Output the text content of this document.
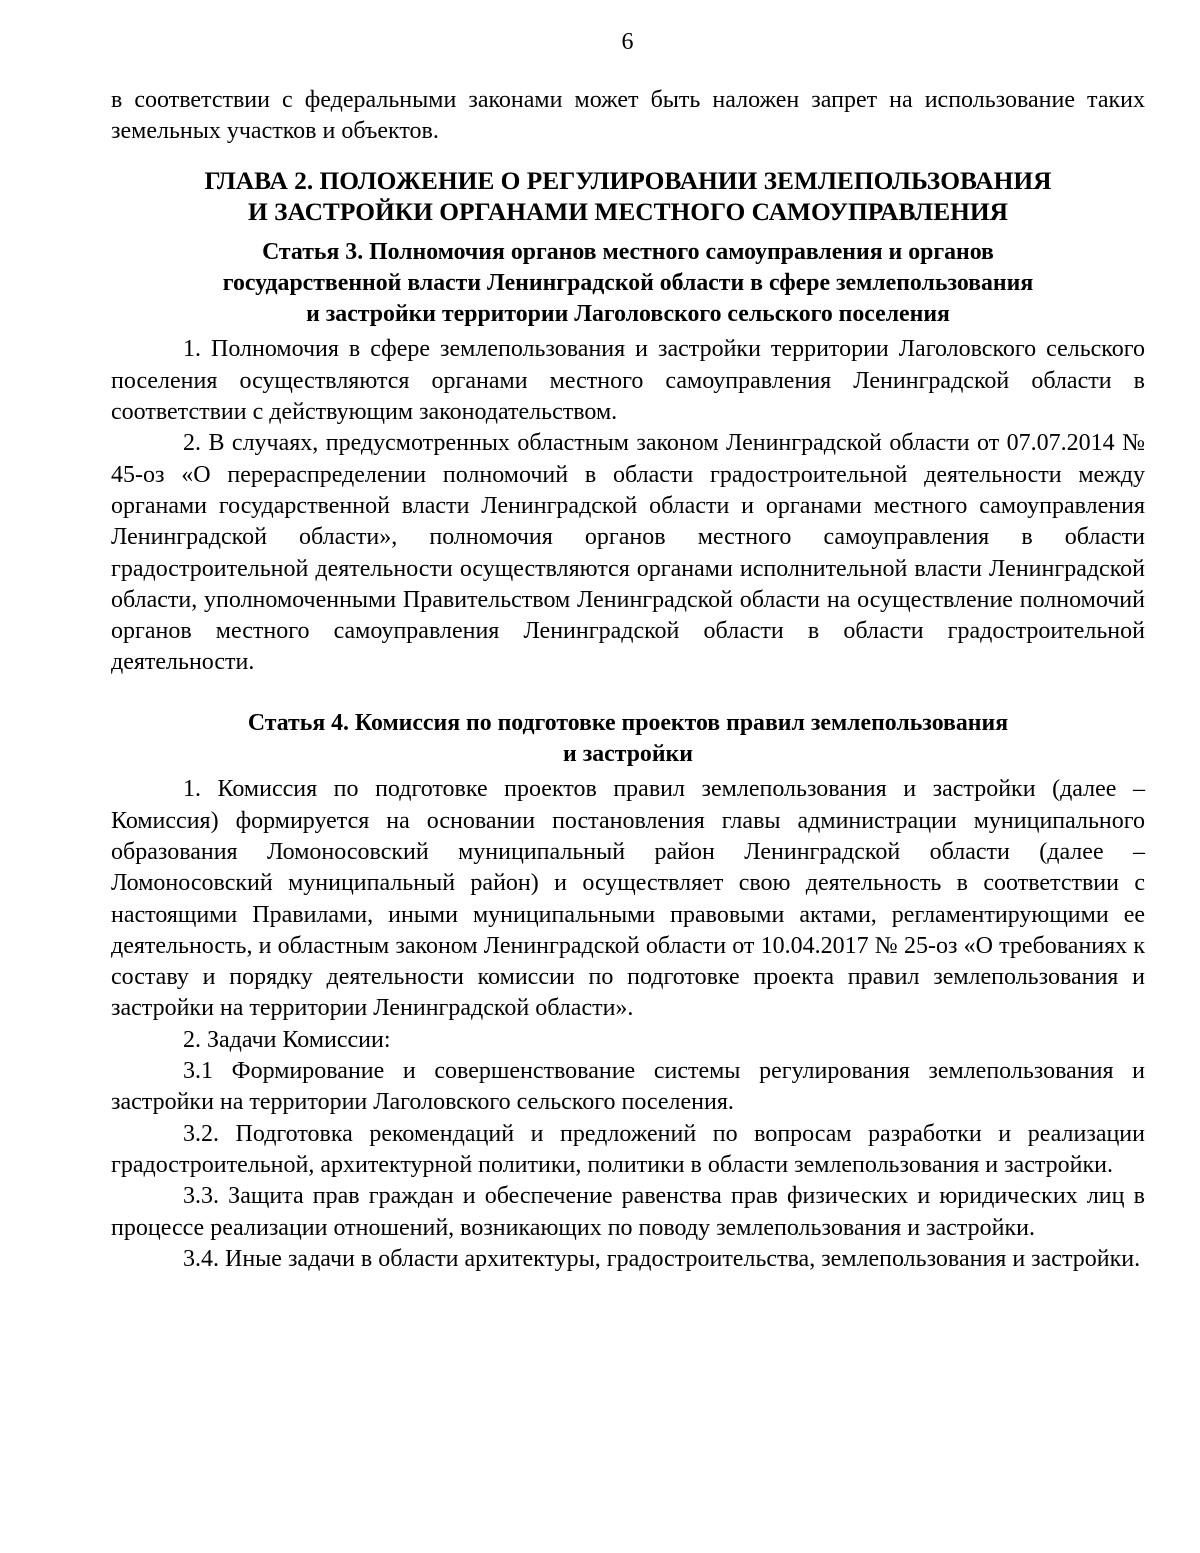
6

в соответствии с федеральными законами может быть наложен запрет на использование таких земельных участков и объектов.

ГЛАВА 2. ПОЛОЖЕНИЕ О РЕГУЛИРОВАНИИ ЗЕМЛЕПОЛЬЗОВАНИЯ
И ЗАСТРОЙКИ ОРГАНАМИ МЕСТНОГО САМОУПРАВЛЕНИЯ
Статья 3. Полномочия органов местного самоуправления и органов
государственной власти Ленинградской области в сфере землепользования
и застройки территории Лаголовского сельского поселения

1. Полномочия в сфере землепользования и застройки территории Лаголовского сельского поселения осуществляются органами местного самоуправления Ленинградской области в соответствии с действующим законодательством.

2. В случаях, предусмотренных областным законом Ленинградской области от 07.07.2014 № 45-оз «О перераспределении полномочий в области градостроительной деятельности между органами государственной власти Ленинградской области и органами местного самоуправления Ленинградской области», полномочия органов местного самоуправления в области градостроительной деятельности осуществляются органами исполнительной власти Ленинградской области, уполномоченными Правительством Ленинградской области на осуществление полномочий органов местного самоуправления Ленинградской области в области градостроительной деятельности.

Статья 4. Комиссия по подготовке проектов правил землепользования
и застройки

1. Комиссия по подготовке проектов правил землепользования и застройки (далее – Комиссия) формируется на основании постановления главы администрации муниципального образования Ломоносовский муниципальный район Ленинградской области (далее – Ломоносовский муниципальный район) и осуществляет свою деятельность в соответствии с настоящими Правилами, иными муниципальными правовыми актами, регламентирующими ее деятельность, и областным законом Ленинградской области от 10.04.2017 № 25-оз «О требованиях к составу и порядку деятельности комиссии по подготовке проекта правил землепользования и застройки на территории Ленинградской области».

2. Задачи Комиссии:

3.1 Формирование и совершенствование системы регулирования землепользования и застройки на территории Лаголовского сельского поселения.

3.2. Подготовка рекомендаций и предложений по вопросам разработки и реализации градостроительной, архитектурной политики, политики в области землепользования и застройки.

3.3. Защита прав граждан и обеспечение равенства прав физических и юридических лиц в процессе реализации отношений, возникающих по поводу землепользования и застройки.

3.4. Иные задачи в области архитектуры, градостроительства, землепользования и застройки.
